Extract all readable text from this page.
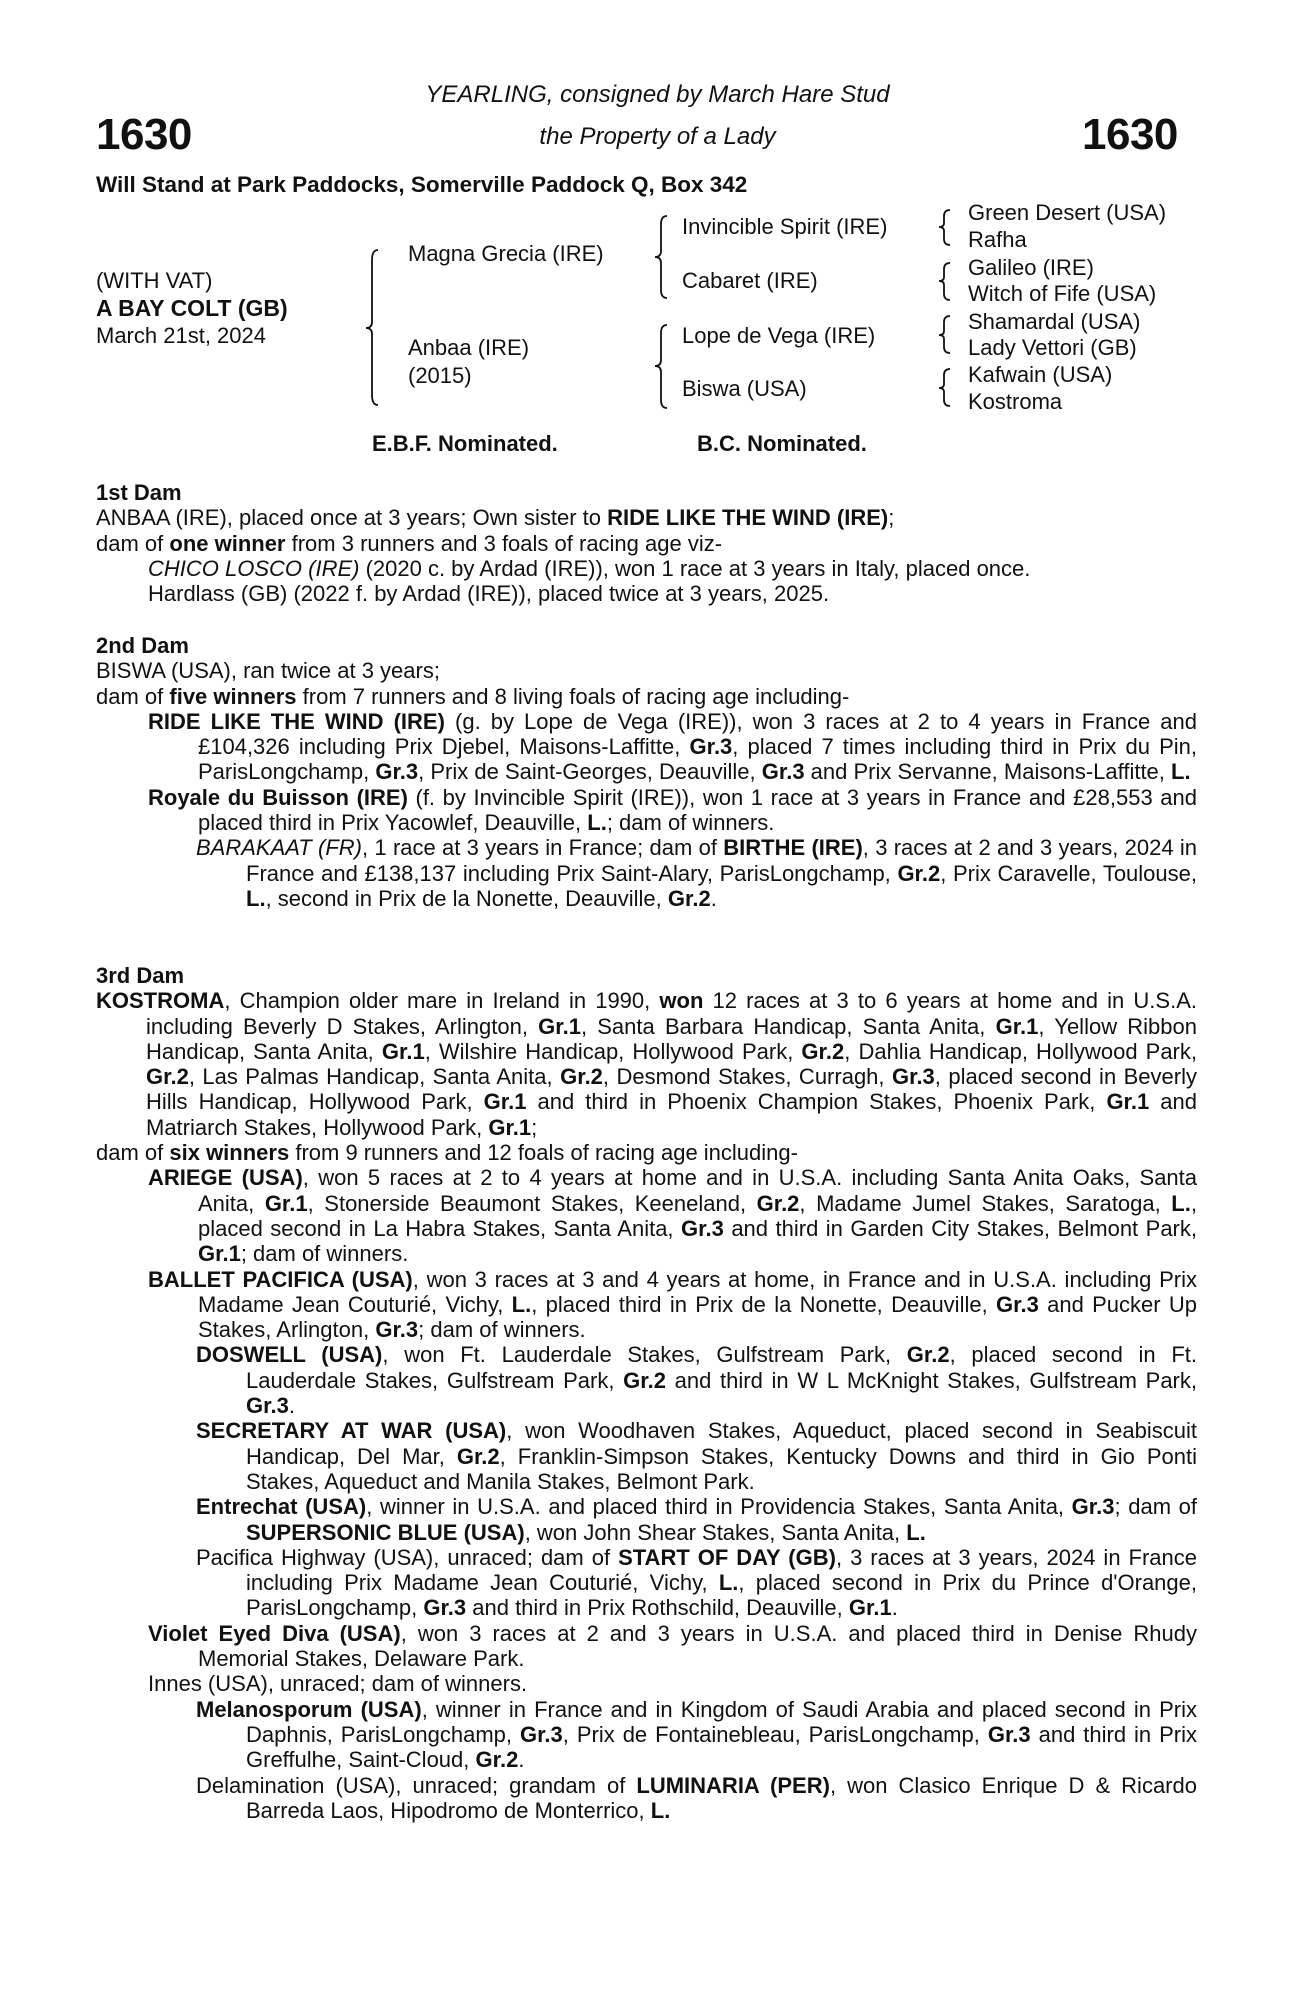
1630	1630
YEARLING, consigned by March Hare Stud
the Property of a Lady
Will Stand at Park Paddocks, Somerville Paddock Q, Box 342
(WITH VAT)
A BAY COLT (GB)
March 21st, 2024
Magna Grecia (IRE)
Anbaa (IRE)
(2015)
Invincible Spirit (IRE)
Cabaret (IRE)
Lope de Vega (IRE)
Biswa (USA)
Green Desert (USA)
Rafha
Galileo (IRE)
Witch of Fife (USA)
Shamardal (USA)
Lady Vettori (GB)
Kafwain (USA)
Kostroma
E.B.F. Nominated.	B.C. Nominated.
1st Dam

ANBAA (IRE), placed once at 3 years; Own sister to RIDE LIKE THE WIND (IRE);

dam of one winner from 3 runners and 3 foals of racing age viz-

CHICO LOSCO (IRE) (2020 c. by Ardad (IRE)), won 1 race at 3 years in Italy, placed once.

Hardlass (GB) (2022 f. by Ardad (IRE)), placed twice at 3 years, 2025.

2nd Dam

BISWA (USA), ran twice at 3 years;

dam of five winners from 7 runners and 8 living foals of racing age including-

RIDE LIKE THE WIND (IRE) (g. by Lope de Vega (IRE)), won 3 races at 2 to 4 years in France and £104,326 including Prix Djebel, Maisons-Laffitte, Gr.3, placed 7 times including third in Prix du Pin, ParisLongchamp, Gr.3, Prix de Saint-Georges, Deauville, Gr.3 and Prix Servanne, Maisons-Laffitte, L.

Royale du Buisson (IRE) (f. by Invincible Spirit (IRE)), won 1 race at 3 years in France and £28,553 and placed third in Prix Yacowlef, Deauville, L.; dam of winners.

BARAKAAT (FR), 1 race at 3 years in France; dam of BIRTHE (IRE), 3 races at 2 and 3 years, 2024 in France and £138,137 including Prix Saint-Alary, ParisLongchamp, Gr.2, Prix Caravelle, Toulouse, L., second in Prix de la Nonette, Deauville, Gr.2.

3rd Dam

KOSTROMA, Champion older mare in Ireland in 1990, won 12 races at 3 to 6 years at home and in U.S.A. including Beverly D Stakes, Arlington, Gr.1, Santa Barbara Handicap, Santa Anita, Gr.1, Yellow Ribbon Handicap, Santa Anita, Gr.1, Wilshire Handicap, Hollywood Park, Gr.2, Dahlia Handicap, Hollywood Park, Gr.2, Las Palmas Handicap, Santa Anita, Gr.2, Desmond Stakes, Curragh, Gr.3, placed second in Beverly Hills Handicap, Hollywood Park, Gr.1 and third in Phoenix Champion Stakes, Phoenix Park, Gr.1 and Matriarch Stakes, Hollywood Park, Gr.1;

dam of six winners from 9 runners and 12 foals of racing age including-

ARIEGE (USA), won 5 races at 2 to 4 years at home and in U.S.A. including Santa Anita Oaks, Santa Anita, Gr.1, Stonerside Beaumont Stakes, Keeneland, Gr.2, Madame Jumel Stakes, Saratoga, L., placed second in La Habra Stakes, Santa Anita, Gr.3 and third in Garden City Stakes, Belmont Park, Gr.1; dam of winners.

BALLET PACIFICA (USA), won 3 races at 3 and 4 years at home, in France and in U.S.A. including Prix Madame Jean Couturié, Vichy, L., placed third in Prix de la Nonette, Deauville, Gr.3 and Pucker Up Stakes, Arlington, Gr.3; dam of winners.

DOSWELL (USA), won Ft. Lauderdale Stakes, Gulfstream Park, Gr.2, placed second in Ft. Lauderdale Stakes, Gulfstream Park, Gr.2 and third in W L McKnight Stakes, Gulfstream Park, Gr.3.

SECRETARY AT WAR (USA), won Woodhaven Stakes, Aqueduct, placed second in Seabiscuit Handicap, Del Mar, Gr.2, Franklin-Simpson Stakes, Kentucky Downs and third in Gio Ponti Stakes, Aqueduct and Manila Stakes, Belmont Park.

Entrechat (USA), winner in U.S.A. and placed third in Providencia Stakes, Santa Anita, Gr.3; dam of SUPERSONIC BLUE (USA), won John Shear Stakes, Santa Anita, L.

Pacifica Highway (USA), unraced; dam of START OF DAY (GB), 3 races at 3 years, 2024 in France including Prix Madame Jean Couturié, Vichy, L., placed second in Prix du Prince d'Orange, ParisLongchamp, Gr.3 and third in Prix Rothschild, Deauville, Gr.1.

Violet Eyed Diva (USA), won 3 races at 2 and 3 years in U.S.A. and placed third in Denise Rhudy Memorial Stakes, Delaware Park.

Innes (USA), unraced; dam of winners.

Melanosporum (USA), winner in France and in Kingdom of Saudi Arabia and placed second in Prix Daphnis, ParisLongchamp, Gr.3, Prix de Fontainebleau, ParisLongchamp, Gr.3 and third in Prix Greffulhe, Saint-Cloud, Gr.2.

Delamination (USA), unraced; grandam of LUMINARIA (PER), won Clasico Enrique D & Ricardo Barreda Laos, Hipodromo de Monterrico, L.
